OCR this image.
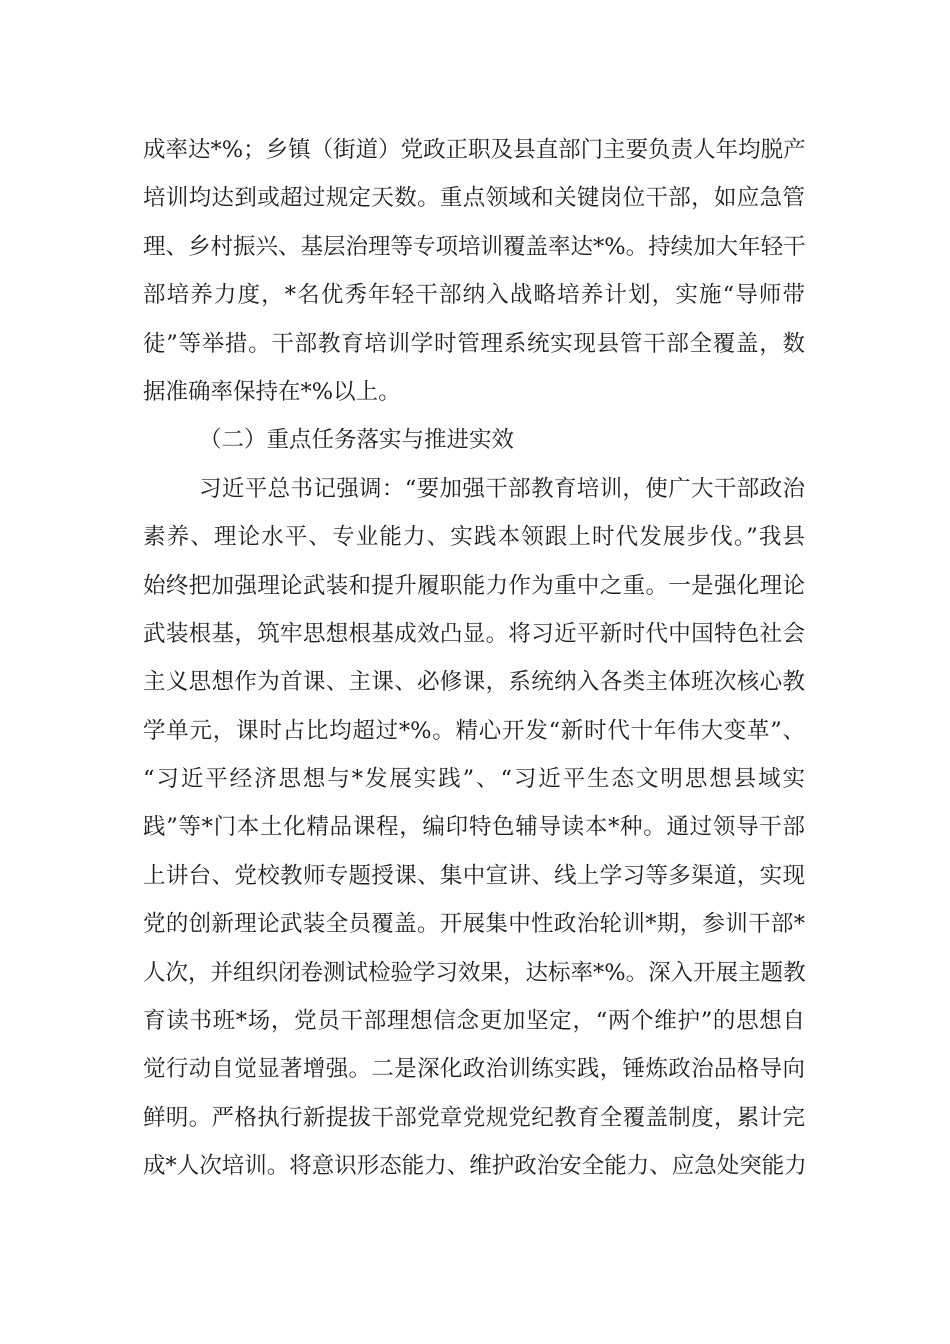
成率达*%；乡镇（街道）党政正职及县直部门主要负责人年均脱产
培训均达到或超过规定天数。重点领域和关键岗位干部，如应急管
理、乡村振兴、基层治理等专项培训覆盖率达*%。持续加大年轻干
部培养力度，*名优秀年轻干部纳入战略培养计划，实施“导师带
徒”等举措。干部教育培训学时管理系统实现县管干部全覆盖，数
据准确率保持在*%以上。
（二）重点任务落实与推进实效
习近平总书记强调：“要加强干部教育培训，使广大干部政治
素养、理论水平、专业能力、实践本领跟上时代发展步伐。”我县
始终把加强理论武装和提升履职能力作为重中之重。一是强化理论
武装根基，筑牢思想根基成效凸显。将习近平新时代中国特色社会
主义思想作为首课、主课、必修课，系统纳入各类主体班次核心教
学单元，课时占比均超过*%。精心开发“新时代十年伟大变革”、
“习近平经济思想与*发展实践”、“习近平生态文明思想县域实
践”等*门本土化精品课程，编印特色辅导读本*种。通过领导干部
上讲台、党校教师专题授课、集中宣讲、线上学习等多渠道，实现
党的创新理论武装全员覆盖。开展集中性政治轮训*期，参训干部*
人次，并组织闭卷测试检验学习效果，达标率*%。深入开展主题教
育读书班*场，党员干部理想信念更加坚定，“两个维护”的思想自
觉行动自觉显著增强。二是深化政治训练实践，锤炼政治品格导向
鲜明。严格执行新提拔干部党章党规党纪教育全覆盖制度，累计完
成*人次培训。将意识形态能力、维护政治安全能力、应急处突能力
